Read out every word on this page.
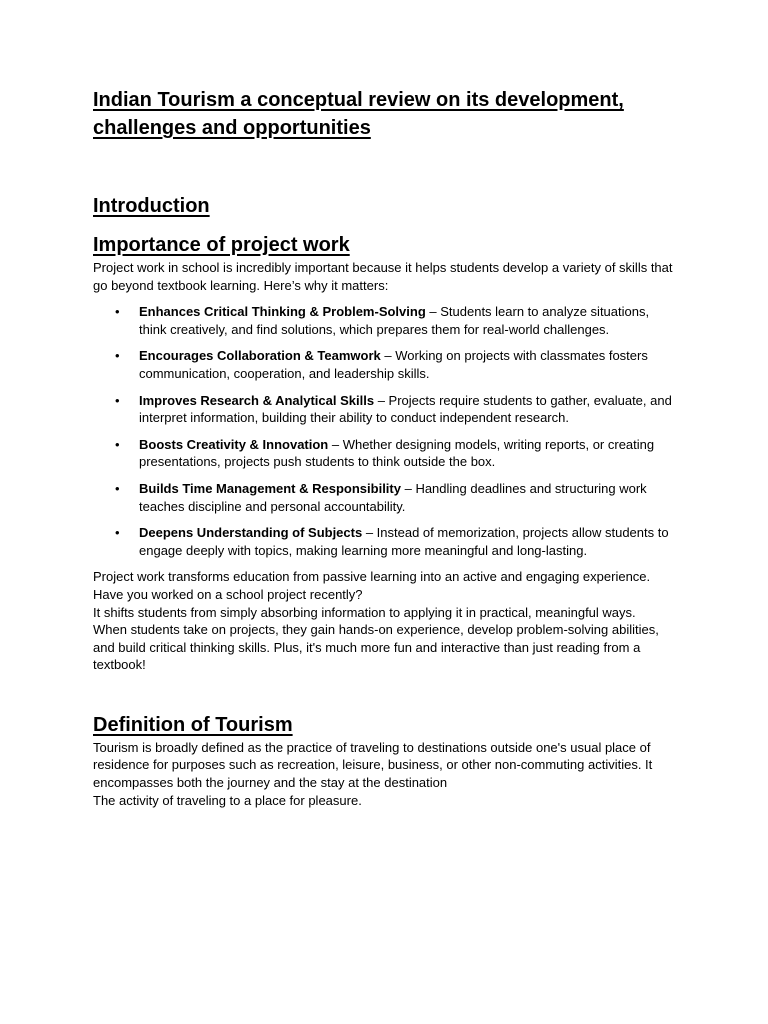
Indian Tourism a conceptual review on its development, challenges and opportunities
Introduction
Importance of project work

Project work in school is incredibly important because it helps students develop a variety of skills that go beyond textbook learning. Here’s why it matters:

• Enhances Critical Thinking & Problem-Solving – Students learn to analyze situations, think creatively, and find solutions, which prepares them for real-world challenges.
• Encourages Collaboration & Teamwork – Working on projects with classmates fosters communication, cooperation, and leadership skills.
• Improves Research & Analytical Skills – Projects require students to gather, evaluate, and interpret information, building their ability to conduct independent research.
• Boosts Creativity & Innovation – Whether designing models, writing reports, or creating presentations, projects push students to think outside the box.
• Builds Time Management & Responsibility – Handling deadlines and structuring work teaches discipline and personal accountability.
• Deepens Understanding of Subjects – Instead of memorization, projects allow students to engage deeply with topics, making learning more meaningful and long-lasting.

Project work transforms education from passive learning into an active and engaging experience. Have you worked on a school project recently?

It shifts students from simply absorbing information to applying it in practical, meaningful ways. When students take on projects, they gain hands-on experience, develop problem-solving abilities, and build critical thinking skills. Plus, it's much more fun and interactive than just reading from a textbook!

Definition of Tourism

Tourism is broadly defined as the practice of traveling to destinations outside one's usual place of residence for purposes such as recreation, leisure, business, or other non-commuting activities. It encompasses both the journey and the stay at the destination

The activity of traveling to a place for pleasure.
